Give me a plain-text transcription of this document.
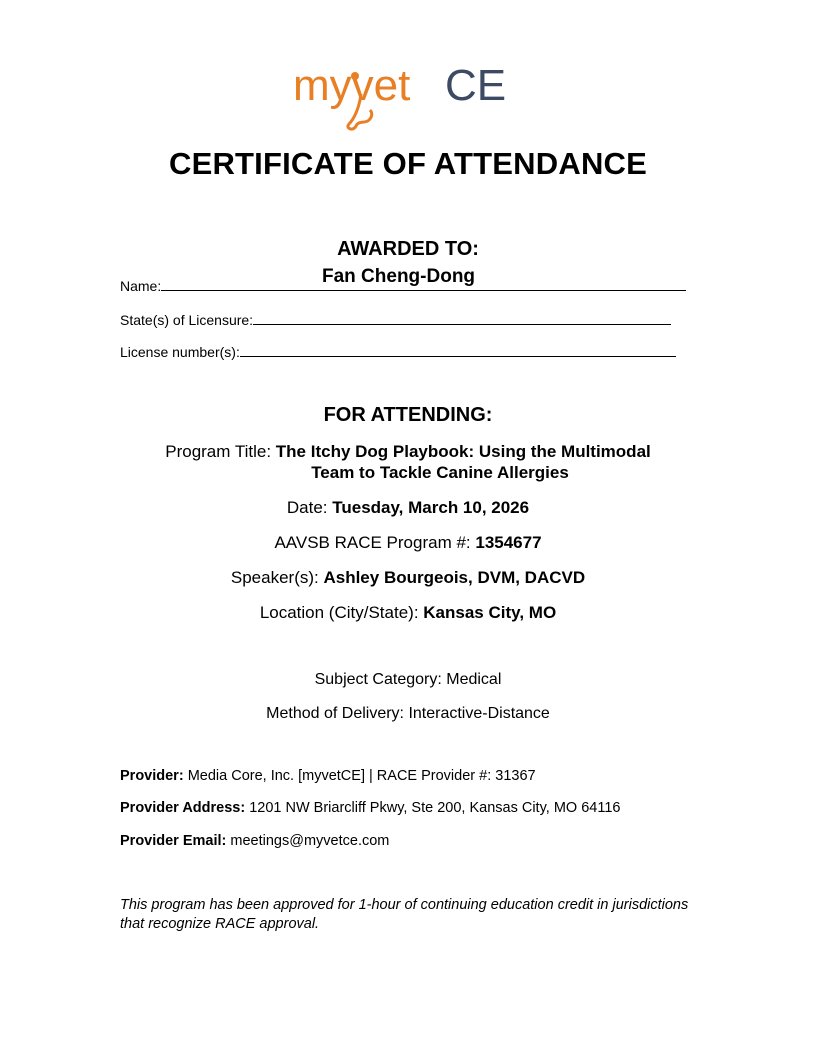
myvet CE
CERTIFICATE OF ATTENDANCE
AWARDED TO:
Fan Cheng-Dong
Name:
State(s) of Licensure:
License number(s):
FOR ATTENDING:
Program Title: The Itchy Dog Playbook: Using the Multimodal
Team to Tackle Canine Allergies
Date: Tuesday, March 10, 2026
AAVSB RACE Program #: 1354677
Speaker(s): Ashley Bourgeois, DVM, DACVD
Location (City/State): Kansas City, MO
Subject Category: Medical
Method of Delivery: Interactive-Distance
Provider: Media Core, Inc. [myvetCE] | RACE Provider #: 31367
Provider Address: 1201 NW Briarcliff Pkwy, Ste 200, Kansas City, MO 64116
Provider Email: meetings@myvetce.com
This program has been approved for 1-hour of continuing education credit in jurisdictions that recognize RACE approval.
